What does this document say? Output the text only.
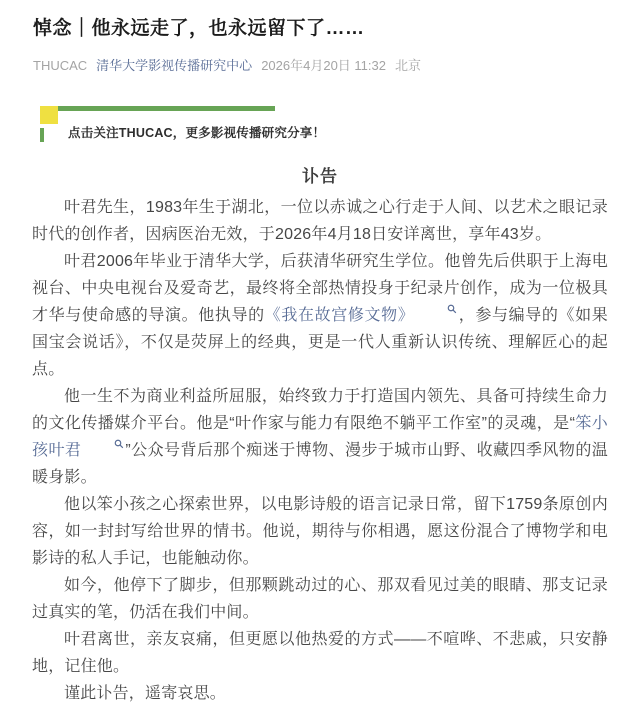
悼念｜他永远走了，也永远留下了……
THUCAC 清华大学影视传播研究中心 2026年4月20日 11:32 北京
点击关注THUCAC，更多影视传播研究分享！
讣告

叶君先生，1983年生于湖北，一位以赤诚之心行走于人间、以艺术之眼记录时代的创作者，因病医治无效，于2026年4月18日安详离世，享年43岁。

叶君2006年毕业于清华大学，后获清华研究生学位。他曾先后供职于上海电视台、中央电视台及爱奇艺，最终将全部热情投身于纪录片创作，成为一位极具才华与使命感的导演。他执导的《我在故宫修文物》	，参与编导的《如果国宝会说话》，不仅是荧屏上的经典，更是一代人重新认识传统、理解匠心的起点。

他一生不为商业利益所屈服，始终致力于打造国内领先、具备可持续生命力的文化传播媒介平台。他是“叶作家与能力有限绝不躺平工作室”的灵魂，是“笨小孩叶君	”公众号背后那个痴迷于博物、漫步于城市山野、收藏四季风物的温暖身影。

他以笨小孩之心探索世界，以电影诗般的语言记录日常，留下1759条原创内容，如一封封写给世界的情书。他说，期待与你相遇，愿这份混合了博物学和电影诗的私人手记，也能触动你。

如今，他停下了脚步，但那颗跳动过的心、那双看见过美的眼睛、那支记录过真实的笔，仍活在我们中间。

叶君离世，亲友哀痛，但更愿以他热爱的方式——不喧哗、不悲戚，只安静地，记住他。

谨此讣告，遥寄哀思。
